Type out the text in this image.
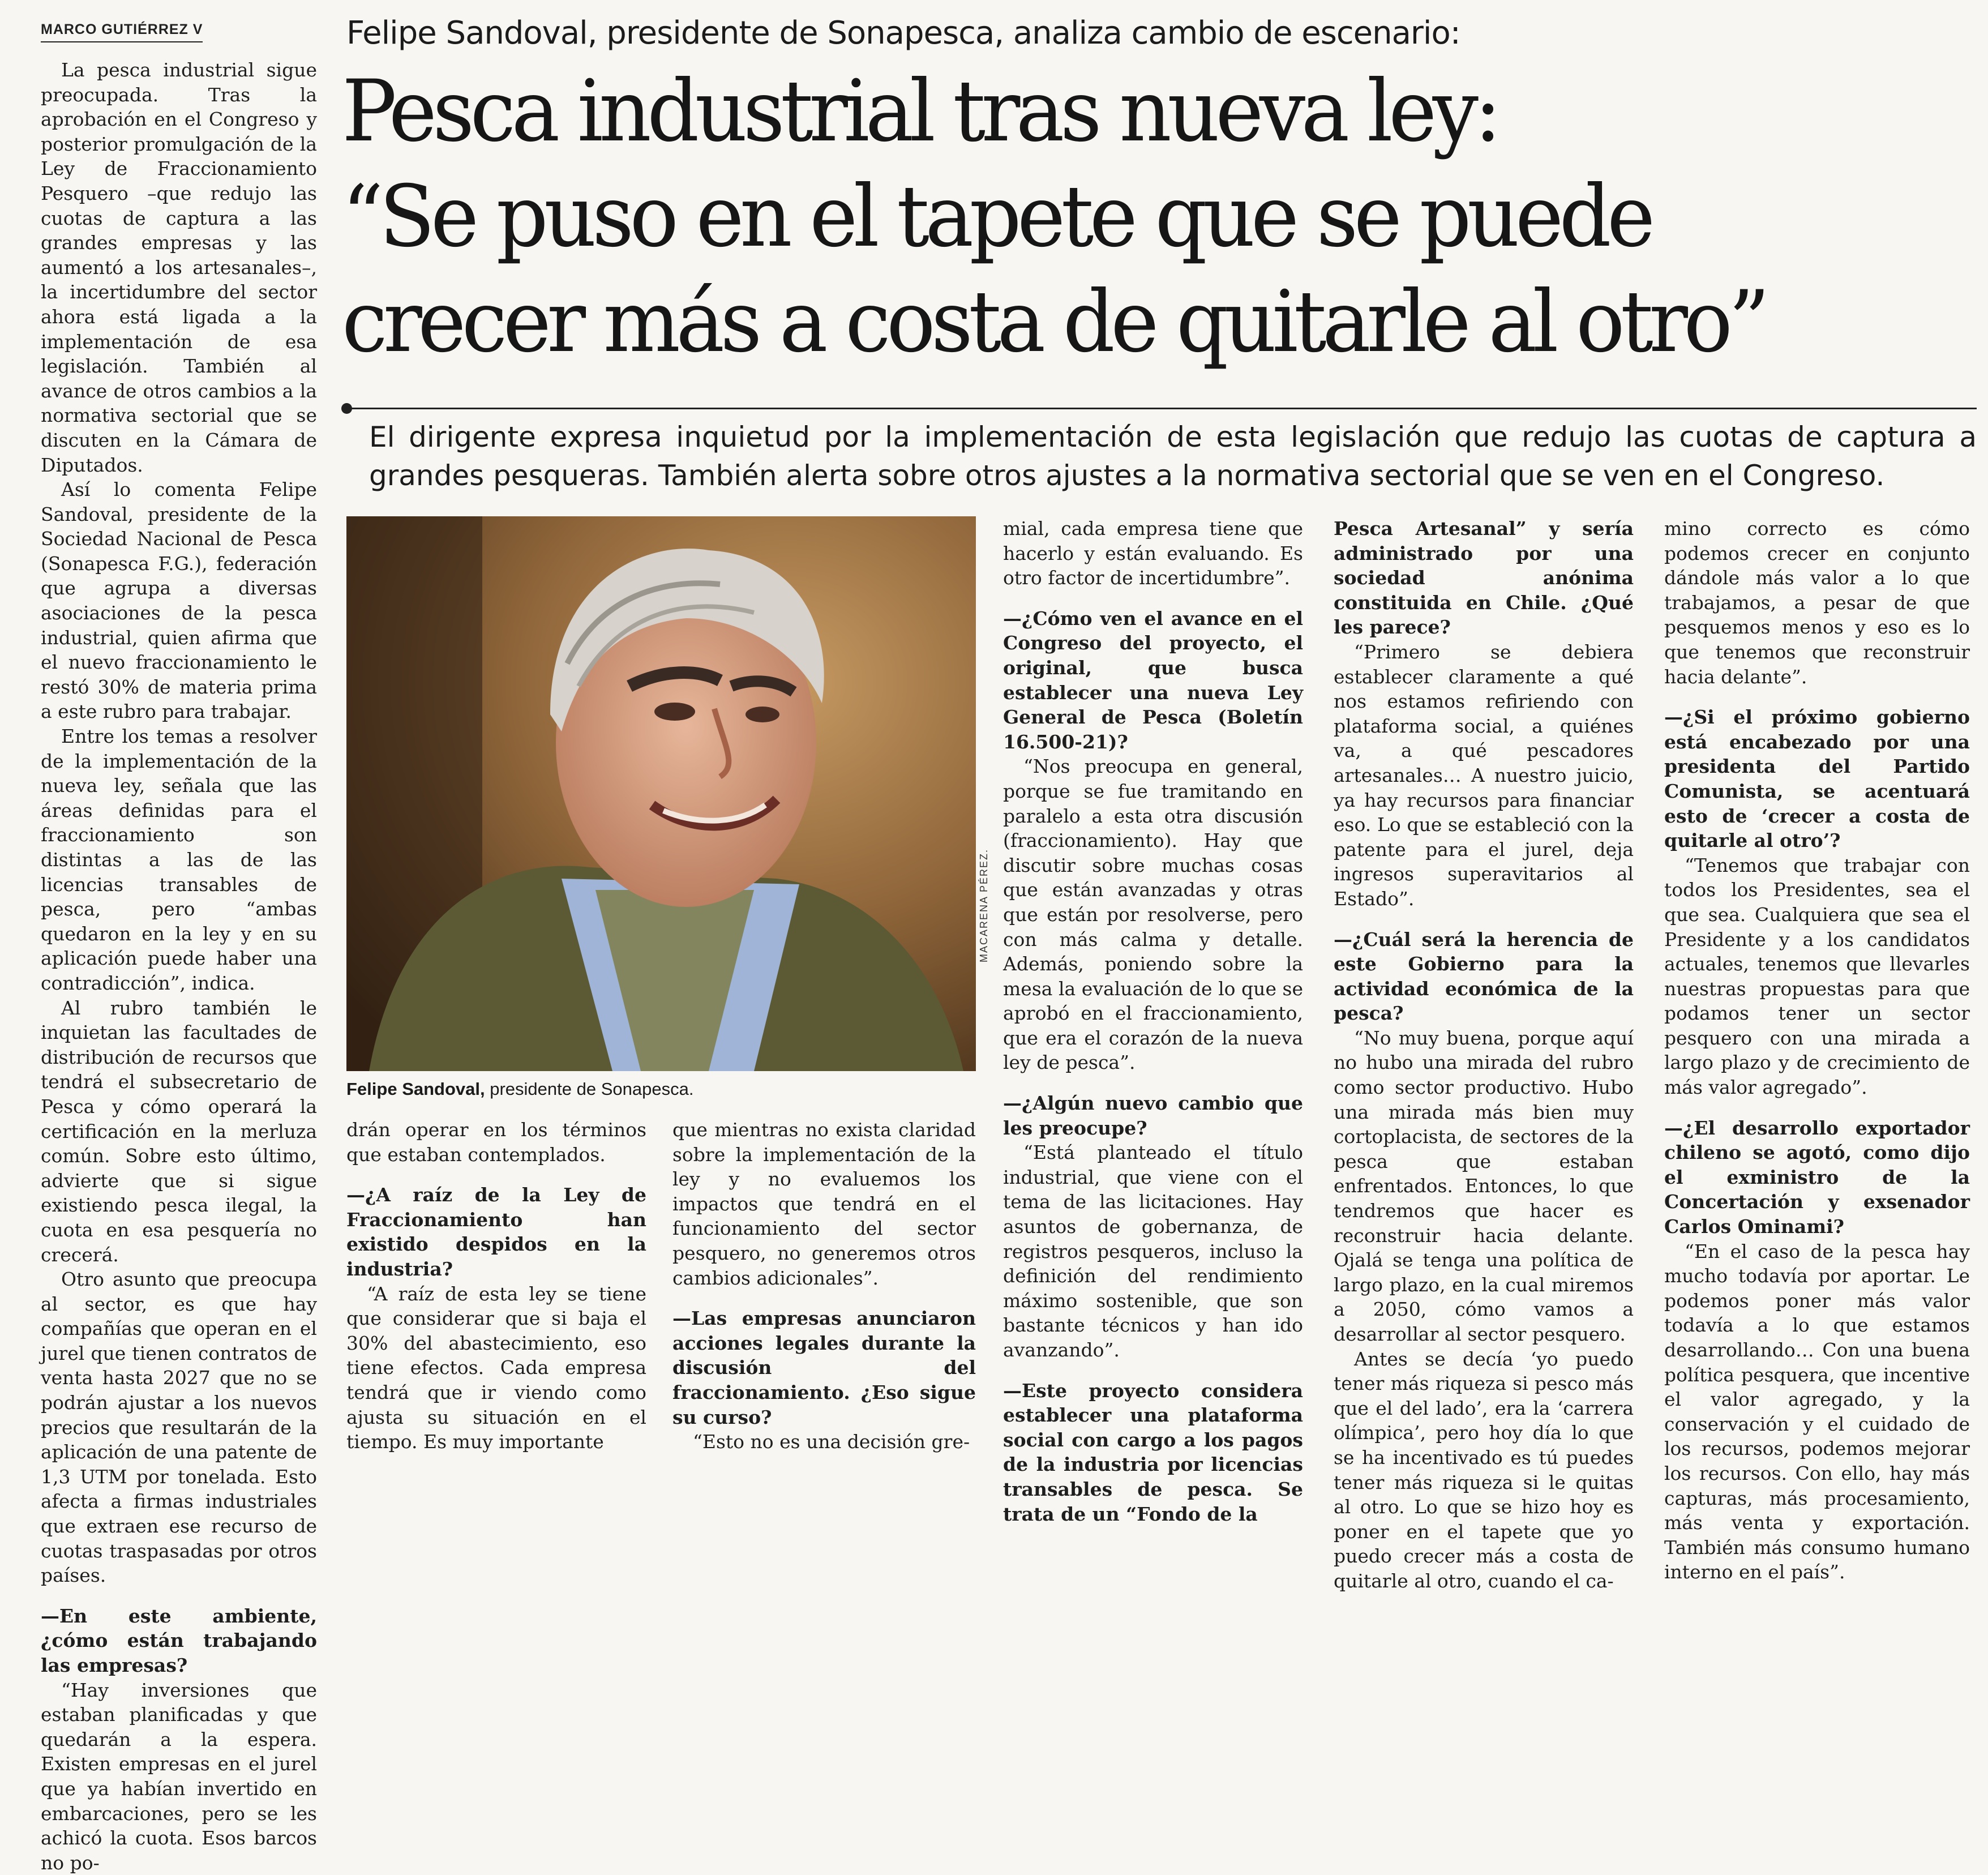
MARCO GUTIÉRREZ V	Felipe Sandoval, presidente de Sonapesca, analiza cambio de escenario:
Pesca industrial tras nueva ley:
“Se puso en el tapete que se puede
crecer más a costa de quitarle al otro”

El dirigente expresa inquietud por la implementación de esta legislación que redujo las cuotas de captura a grandes pesqueras. También alerta sobre otros ajustes a la normativa sectorial que se ven en el Congreso.

La pesca industrial sigue preocupada. Tras la aprobación en el Congreso y posterior promulgación de la Ley de Fraccionamiento Pesquero –que redujo las cuotas de captura a las grandes empresas y las aumentó a los artesanales–, la incertidumbre del sector ahora está ligada a la implementación de esa legislación. También al avance de otros cambios a la normativa sectorial que se discuten en la Cámara de Diputados.

Así lo comenta Felipe Sandoval, presidente de la Sociedad Nacional de Pesca (Sonapesca F.G.), federación que agrupa a diversas asociaciones de la pesca industrial, quien afirma que el nuevo fraccionamiento le restó 30% de materia prima a este rubro para trabajar.

Entre los temas a resolver de la implementación de la nueva ley, señala que las áreas definidas para el fraccionamiento son distintas a las de las licencias transables de pesca, pero “ambas quedaron en la ley y en su aplicación puede haber una contradicción”, indica.

Al rubro también le inquietan las facultades de distribución de recursos que tendrá el subsecretario de Pesca y cómo operará la certificación en la merluza común. Sobre esto último, advierte que si sigue existiendo pesca ilegal, la cuota en esa pesquería no crecerá.

Otro asunto que preocupa al sector, es que hay compañías que operan en el jurel que tienen contratos de venta hasta 2027 que no se podrán ajustar a los nuevos precios que resultarán de la aplicación de una patente de 1,3 UTM por tonelada. Esto afecta a firmas industriales que extraen ese recurso de cuotas traspasadas por otros países.

—En este ambiente, ¿cómo están trabajando las empresas?

“Hay inversiones que estaban planificadas y que quedarán a la espera. Existen empresas en el jurel que ya habían invertido en embarcaciones, pero se les achicó la cuota. Esos barcos no po-

MACARENA PÉREZ.
Felipe Sandoval, presidente de Sonapesca.

drán operar en los términos que estaban contemplados.

—¿A raíz de la Ley de Fraccionamiento han existido despidos en la industria?

“A raíz de esta ley se tiene que considerar que si baja el 30% del abastecimiento, eso tiene efectos. Cada empresa tendrá que ir viendo como ajusta su situación en el tiempo. Es muy importante

que mientras no exista claridad sobre la implementación de la ley y no evaluemos los impactos que tendrá en el funcionamiento del sector pesquero, no generemos otros cambios adicionales”.

—Las empresas anunciaron acciones legales durante la discusión del fraccionamiento. ¿Eso sigue su curso?

“Esto no es una decisión gre-

mial, cada empresa tiene que hacerlo y están evaluando. Es otro factor de incertidumbre”.

—¿Cómo ven el avance en el Congreso del proyecto, el original, que busca establecer una nueva Ley General de Pesca (Boletín 16.500-21)?

“Nos preocupa en general, porque se fue tramitando en paralelo a esta otra discusión (fraccionamiento). Hay que discutir sobre muchas cosas que están avanzadas y otras que están por resolverse, pero con más calma y detalle. Además, poniendo sobre la mesa la evaluación de lo que se aprobó en el fraccionamiento, que era el corazón de la nueva ley de pesca”.

—¿Algún nuevo cambio que les preocupe?

“Está planteado el título industrial, que viene con el tema de las licitaciones. Hay asuntos de gobernanza, de registros pesqueros, incluso la definición del rendimiento máximo sostenible, que son bastante técnicos y han ido avanzando”.

—Este proyecto considera establecer una plataforma social con cargo a los pagos de la industria por licencias transables de pesca. Se trata de un “Fondo de la

Pesca Artesanal” y sería administrado por una sociedad anónima constituida en Chile. ¿Qué les parece?

“Primero se debiera establecer claramente a qué nos estamos refiriendo con plataforma social, a quiénes va, a qué pescadores artesanales… A nuestro juicio, ya hay recursos para financiar eso. Lo que se estableció con la patente para el jurel, deja ingresos superavitarios al Estado”.

—¿Cuál será la herencia de este Gobierno para la actividad económica de la pesca?

“No muy buena, porque aquí no hubo una mirada del rubro como sector productivo. Hubo una mirada más bien muy cortoplacista, de sectores de la pesca que estaban enfrentados. Entonces, lo que tendremos que hacer es reconstruir hacia delante. Ojalá se tenga una política de largo plazo, en la cual miremos a 2050, cómo vamos a desarrollar al sector pesquero.

Antes se decía ‘yo puedo tener más riqueza si pesco más que el del lado’, era la ‘carrera olímpica’, pero hoy día lo que se ha incentivado es tú puedes tener más riqueza si le quitas al otro. Lo que se hizo hoy es poner en el tapete que yo puedo crecer más a costa de quitarle al otro, cuando el ca-

mino correcto es cómo podemos crecer en conjunto dándole más valor a lo que trabajamos, a pesar de que pesquemos menos y eso es lo que tenemos que reconstruir hacia delante”.

—¿Si el próximo gobierno está encabezado por una presidenta del Partido Comunista, se acentuará esto de ‘crecer a costa de quitarle al otro’?

“Tenemos que trabajar con todos los Presidentes, sea el que sea. Cualquiera que sea el Presidente y a los candidatos actuales, tenemos que llevarles nuestras propuestas para que podamos tener un sector pesquero con una mirada a largo plazo y de crecimiento de más valor agregado”.

—¿El desarrollo exportador chileno se agotó, como dijo el exministro de la Concertación y exsenador Carlos Ominami?

“En el caso de la pesca hay mucho todavía por aportar. Le podemos poner más valor todavía a lo que estamos desarrollando… Con una buena política pesquera, que incentive el valor agregado, y la conservación y el cuidado de los recursos, podemos mejorar los recursos. Con ello, hay más capturas, más procesamiento, más venta y exportación. También más consumo humano interno en el país”.
